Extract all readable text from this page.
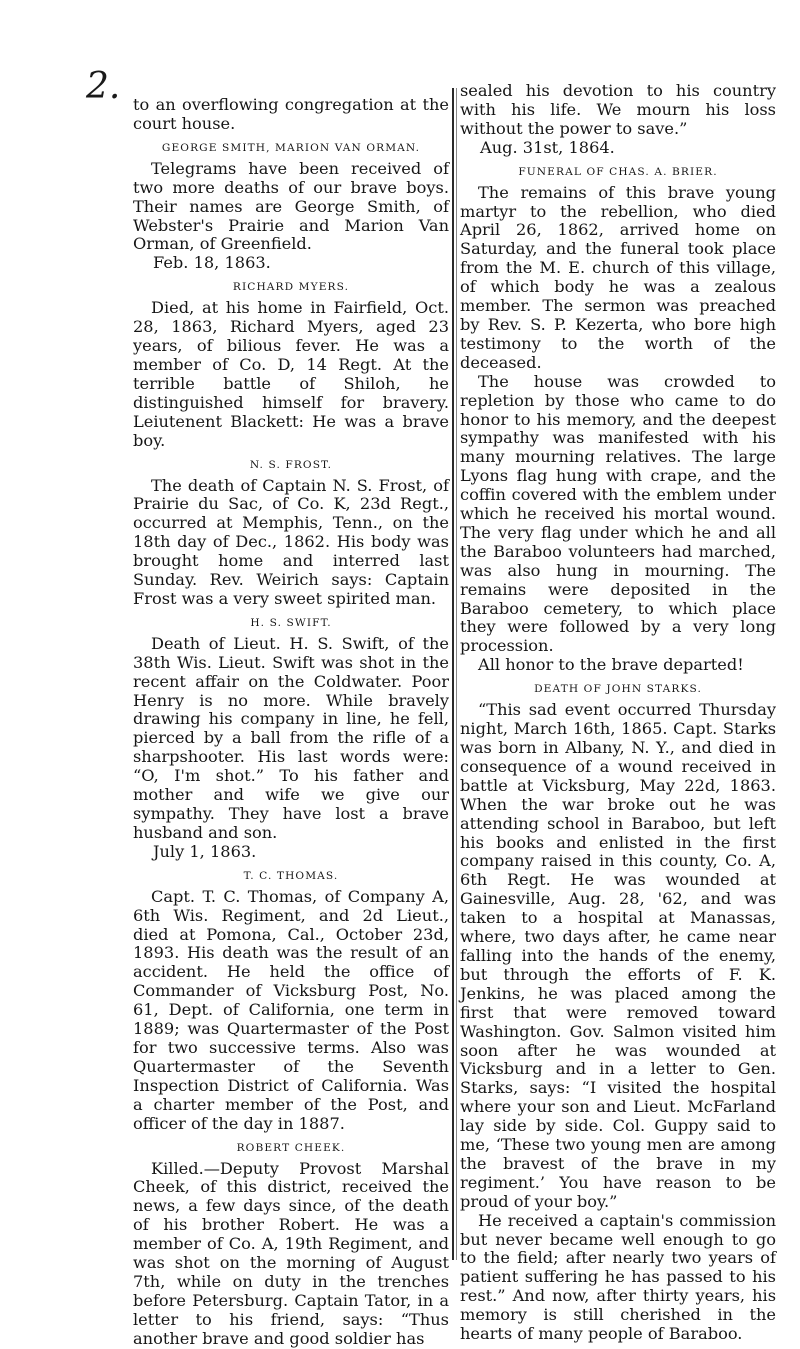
2. to an overflowing congregation at the court house.

GEORGE SMITH, MARION VAN ORMAN.

Telegrams have been received of two more deaths of our brave boys. Their names are George Smith, of Webster's Prairie and Marion Van Orman, of Greenfield.

Feb. 18, 1863.

RICHARD MYERS.

Died, at his home in Fairfield, Oct. 28, 1863, Richard Myers, aged 23 years, of bilious fever. He was a member of Co. D, 14 Regt. At the terrible battle of Shiloh, he distinguished himself for bravery. Leiutenent Blackett: He was a brave boy.

N. S. FROST.

The death of Captain N. S. Frost, of Prairie du Sac, of Co. K, 23d Regt., occurred at Memphis, Tenn., on the 18th day of Dec., 1862. His body was brought home and interred last Sunday. Rev. Weirich says: Captain Frost was a very sweet spirited man.

H. S. SWIFT.

Death of Lieut. H. S. Swift, of the 38th Wis. Lieut. Swift was shot in the recent affair on the Coldwater. Poor Henry is no more. While bravely drawing his company in line, he fell, pierced by a ball from the rifle of a sharpshooter. His last words were: “O, I'm shot.” To his father and mother and wife we give our sympathy. They have lost a brave husband and son.

July 1, 1863.

T. C. THOMAS.

Capt. T. C. Thomas, of Company A, 6th Wis. Regiment, and 2d Lieut., died at Pomona, Cal., October 23d, 1893. His death was the result of an accident. He held the office of Commander of Vicksburg Post, No. 61, Dept. of California, one term in 1889; was Quartermaster of the Post for two successive terms. Also was Quartermaster of the Seventh Inspection District of California. Was a charter member of the Post, and officer of the day in 1887.

ROBERT CHEEK.

Killed.—Deputy Provost Marshal Cheek, of this district, received the news, a few days since, of the death of his brother Robert. He was a member of Co. A, 19th Regiment, and was shot on the morning of August 7th, while on duty in the trenches before Petersburg. Captain Tator, in a letter to his friend, says: “Thus another brave and good soldier has

sealed his devotion to his country with his life. We mourn his loss without the power to save.”

Aug. 31st, 1864.

FUNERAL OF CHAS. A. BRIER.

The remains of this brave young martyr to the rebellion, who died April 26, 1862, arrived home on Saturday, and the funeral took place from the M. E. church of this village, of which body he was a zealous member. The sermon was preached by Rev. S. P. Kezerta, who bore high testimony to the worth of the deceased.

The house was crowded to repletion by those who came to do honor to his memory, and the deepest sympathy was manifested with his many mourning relatives. The large Lyons flag hung with crape, and the coffin covered with the emblem under which he received his mortal wound. The very flag under which he and all the Baraboo volunteers had marched, was also hung in mourning. The remains were deposited in the Baraboo cemetery, to which place they were followed by a very long procession.

All honor to the brave departed!

DEATH OF JOHN STARKS.

“This sad event occurred Thursday night, March 16th, 1865. Capt. Starks was born in Albany, N. Y., and died in consequence of a wound received in battle at Vicksburg, May 22d, 1863. When the war broke out he was attending school in Baraboo, but left his books and enlisted in the first company raised in this county, Co. A, 6th Regt. He was wounded at Gainesville, Aug. 28, '62, and was taken to a hospital at Manassas, where, two days after, he came near falling into the hands of the enemy, but through the efforts of F. K. Jenkins, he was placed among the first that were removed toward Washington. Gov. Salmon visited him soon after he was wounded at Vicksburg and in a letter to Gen. Starks, says: “I visited the hospital where your son and Lieut. McFarland lay side by side. Col. Guppy said to me, ‘These two young men are among the bravest of the brave in my regiment.’ You have reason to be proud of your boy.”

He received a captain's commission but never became well enough to go to the field; after nearly two years of patient suffering he has passed to his rest.” And now, after thirty years, his memory is still cherished in the hearts of many people of Baraboo.
